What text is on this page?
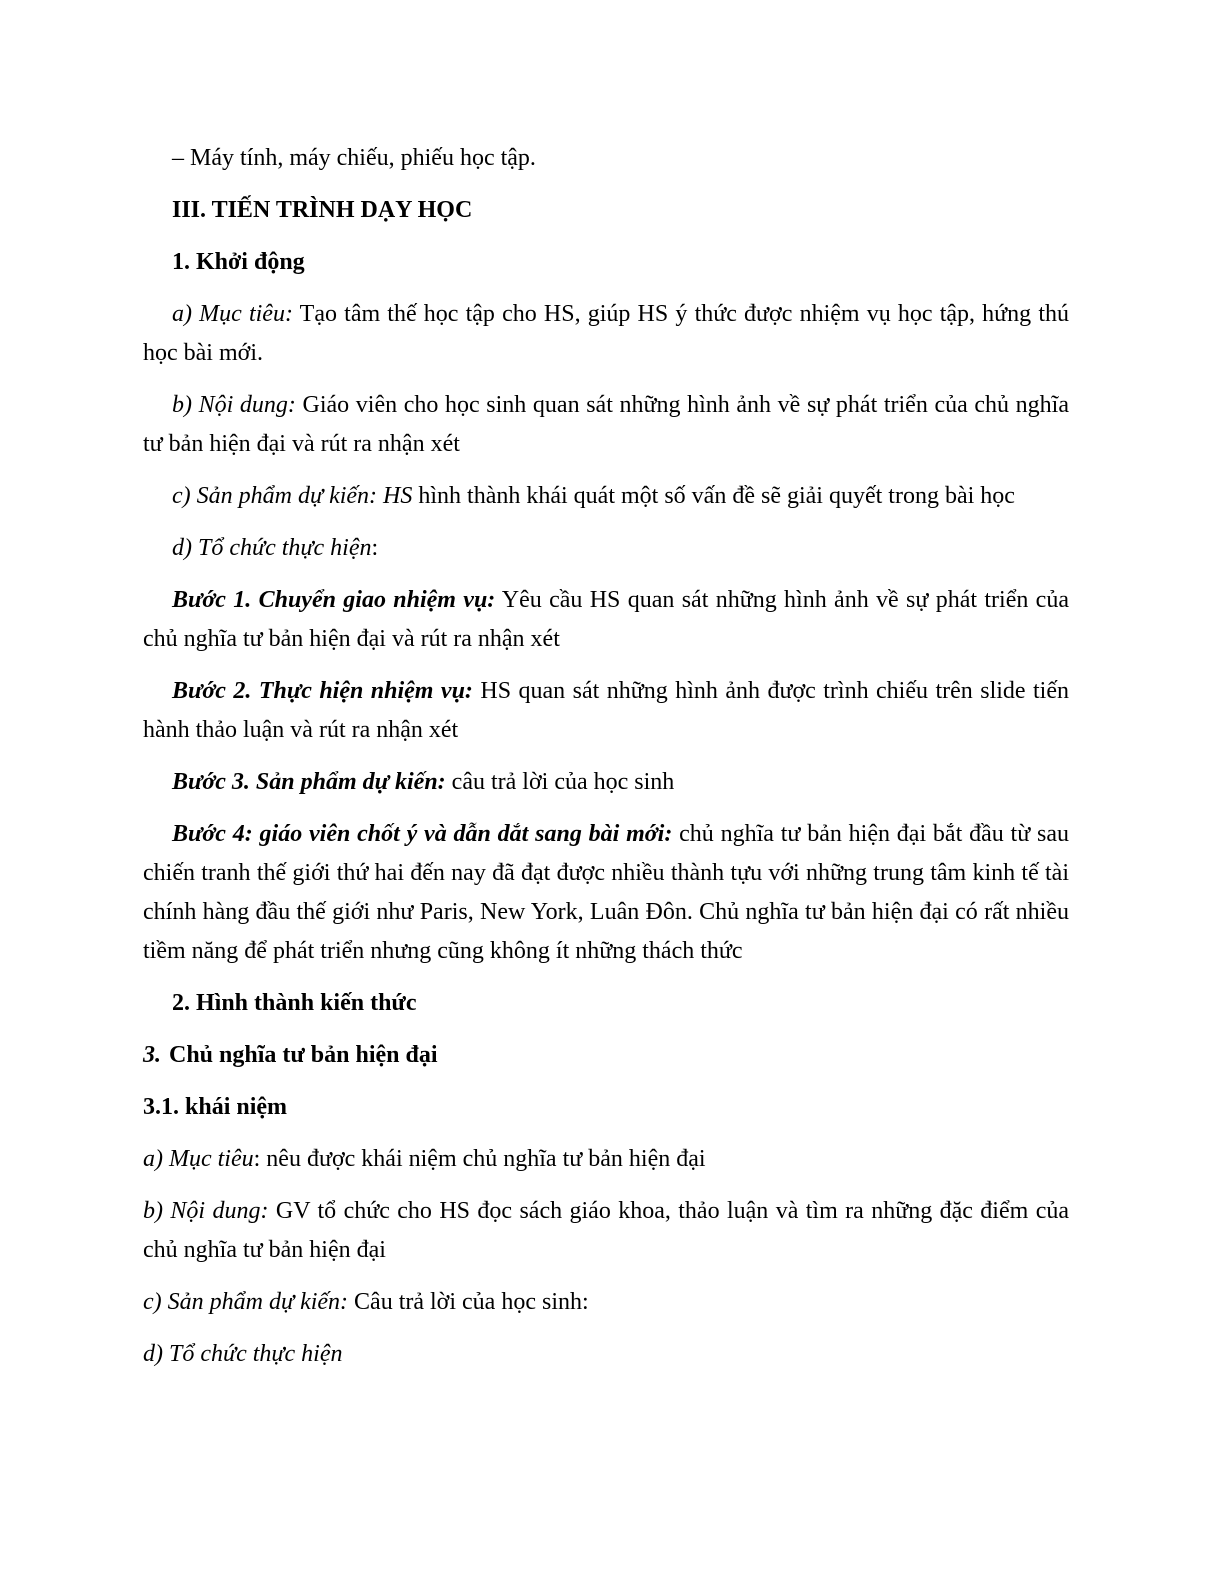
– Máy tính, máy chiếu, phiếu học tập.

III. TIẾN TRÌNH DẠY HỌC

1. Khởi động

a) Mục tiêu: Tạo tâm thế học tập cho HS, giúp HS ý thức được nhiệm vụ học tập, hứng thú học bài mới.

b) Nội dung: Giáo viên cho học sinh quan sát những hình ảnh về sự phát triển của chủ nghĩa tư bản hiện đại và rút ra nhận xét

c) Sản phẩm dự kiến: HS hình thành khái quát một số vấn đề sẽ giải quyết trong bài học

d) Tổ chức thực hiện:

Bước 1. Chuyển giao nhiệm vụ: Yêu cầu HS quan sát những hình ảnh về sự phát triển của chủ nghĩa tư bản hiện đại và rút ra nhận xét

Bước 2. Thực hiện nhiệm vụ: HS quan sát những hình ảnh được trình chiếu trên slide tiến hành thảo luận và rút ra nhận xét

Bước 3. Sản phẩm dự kiến: câu trả lời của học sinh

Bước 4: giáo viên chốt ý và dẫn dắt sang bài mới: chủ nghĩa tư bản hiện đại bắt đầu từ sau chiến tranh thế giới thứ hai đến nay đã đạt được nhiều thành tựu với những trung tâm kinh tế tài chính hàng đầu thế giới như Paris, New York, Luân Đôn. Chủ nghĩa tư bản hiện đại có rất nhiều tiềm năng để phát triển nhưng cũng không ít những thách thức

2. Hình thành kiến thức

3. Chủ nghĩa tư bản hiện đại

3.1. khái niệm

a) Mục tiêu: nêu được khái niệm chủ nghĩa tư bản hiện đại

b) Nội dung: GV tổ chức cho HS đọc sách giáo khoa, thảo luận và tìm ra những đặc điểm của chủ nghĩa tư bản hiện đại

c) Sản phẩm dự kiến: Câu trả lời của học sinh:

d) Tổ chức thực hiện
